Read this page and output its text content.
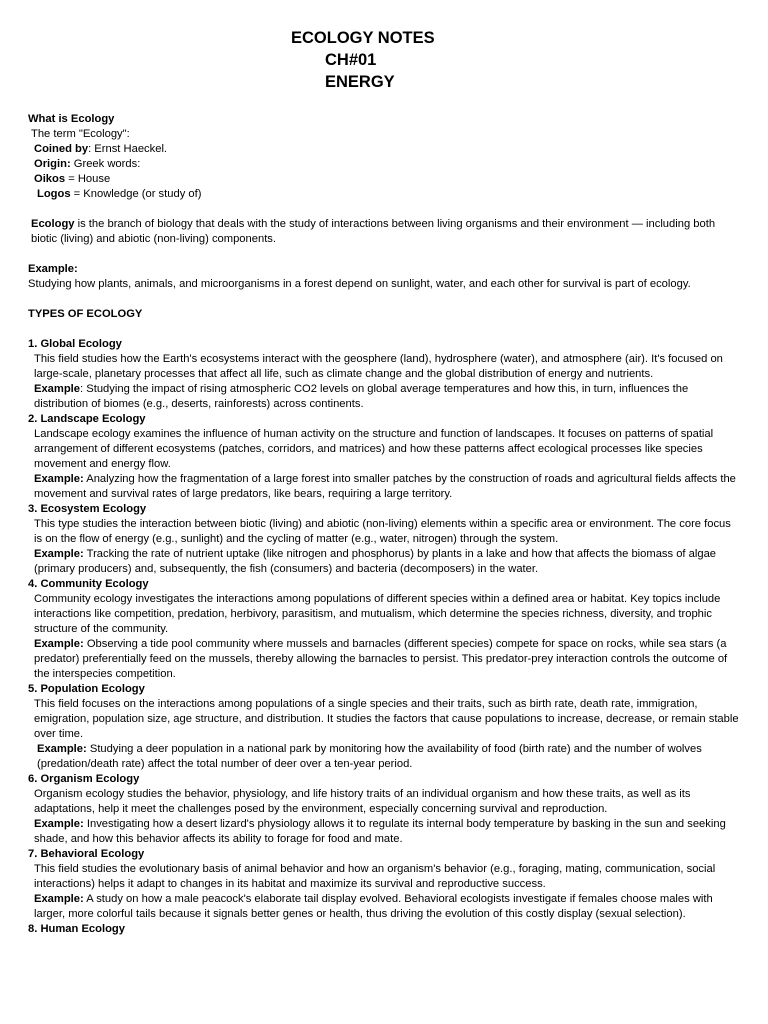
ECOLOGY NOTES
CH#01
ENERGY

What is Ecology

The term "Ecology":

Coined by: Ernst Haeckel.

Origin: Greek words:

Oikos = House

Logos = Knowledge (or study of)

Ecology is the branch of biology that deals with the study of interactions between living organisms and their environment — including both biotic (living) and abiotic (non-living) components.

Example:

Studying how plants, animals, and microorganisms in a forest depend on sunlight, water, and each other for survival is part of ecology.

TYPES OF ECOLOGY

1. Global Ecology

This field studies how the Earth's ecosystems interact with the geosphere (land), hydrosphere (water), and atmosphere (air). It's focused on large-scale, planetary processes that affect all life, such as climate change and the global distribution of energy and nutrients.

Example: Studying the impact of rising atmospheric CO2 levels on global average temperatures and how this, in turn, influences the distribution of biomes (e.g., deserts, rainforests) across continents.

2. Landscape Ecology

Landscape ecology examines the influence of human activity on the structure and function of landscapes. It focuses on patterns of spatial arrangement of different ecosystems (patches, corridors, and matrices) and how these patterns affect ecological processes like species movement and energy flow.

Example: Analyzing how the fragmentation of a large forest into smaller patches by the construction of roads and agricultural fields affects the movement and survival rates of large predators, like bears, requiring a large territory.

3. Ecosystem Ecology

This type studies the interaction between biotic (living) and abiotic (non-living) elements within a specific area or environment. The core focus is on the flow of energy (e.g., sunlight) and the cycling of matter (e.g., water, nitrogen) through the system.

Example: Tracking the rate of nutrient uptake (like nitrogen and phosphorus) by plants in a lake and how that affects the biomass of algae (primary producers) and, subsequently, the fish (consumers) and bacteria (decomposers) in the water.

4. Community Ecology

Community ecology investigates the interactions among populations of different species within a defined area or habitat. Key topics include interactions like competition, predation, herbivory, parasitism, and mutualism, which determine the species richness, diversity, and trophic structure of the community.

Example: Observing a tide pool community where mussels and barnacles (different species) compete for space on rocks, while sea stars (a predator) preferentially feed on the mussels, thereby allowing the barnacles to persist. This predator-prey interaction controls the outcome of the interspecies competition.

5. Population Ecology

This field focuses on the interactions among populations of a single species and their traits, such as birth rate, death rate, immigration, emigration, population size, age structure, and distribution. It studies the factors that cause populations to increase, decrease, or remain stable over time.

Example: Studying a deer population in a national park by monitoring how the availability of food (birth rate) and the number of wolves (predation/death rate) affect the total number of deer over a ten-year period.

6. Organism Ecology

Organism ecology studies the behavior, physiology, and life history traits of an individual organism and how these traits, as well as its adaptations, help it meet the challenges posed by the environment, especially concerning survival and reproduction.

Example: Investigating how a desert lizard's physiology allows it to regulate its internal body temperature by basking in the sun and seeking shade, and how this behavior affects its ability to forage for food and mate.

7. Behavioral Ecology

This field studies the evolutionary basis of animal behavior and how an organism's behavior (e.g., foraging, mating, communication, social interactions) helps it adapt to changes in its habitat and maximize its survival and reproductive success.

Example: A study on how a male peacock's elaborate tail display evolved. Behavioral ecologists investigate if females choose males with larger, more colorful tails because it signals better genes or health, thus driving the evolution of this costly display (sexual selection).

8. Human Ecology
